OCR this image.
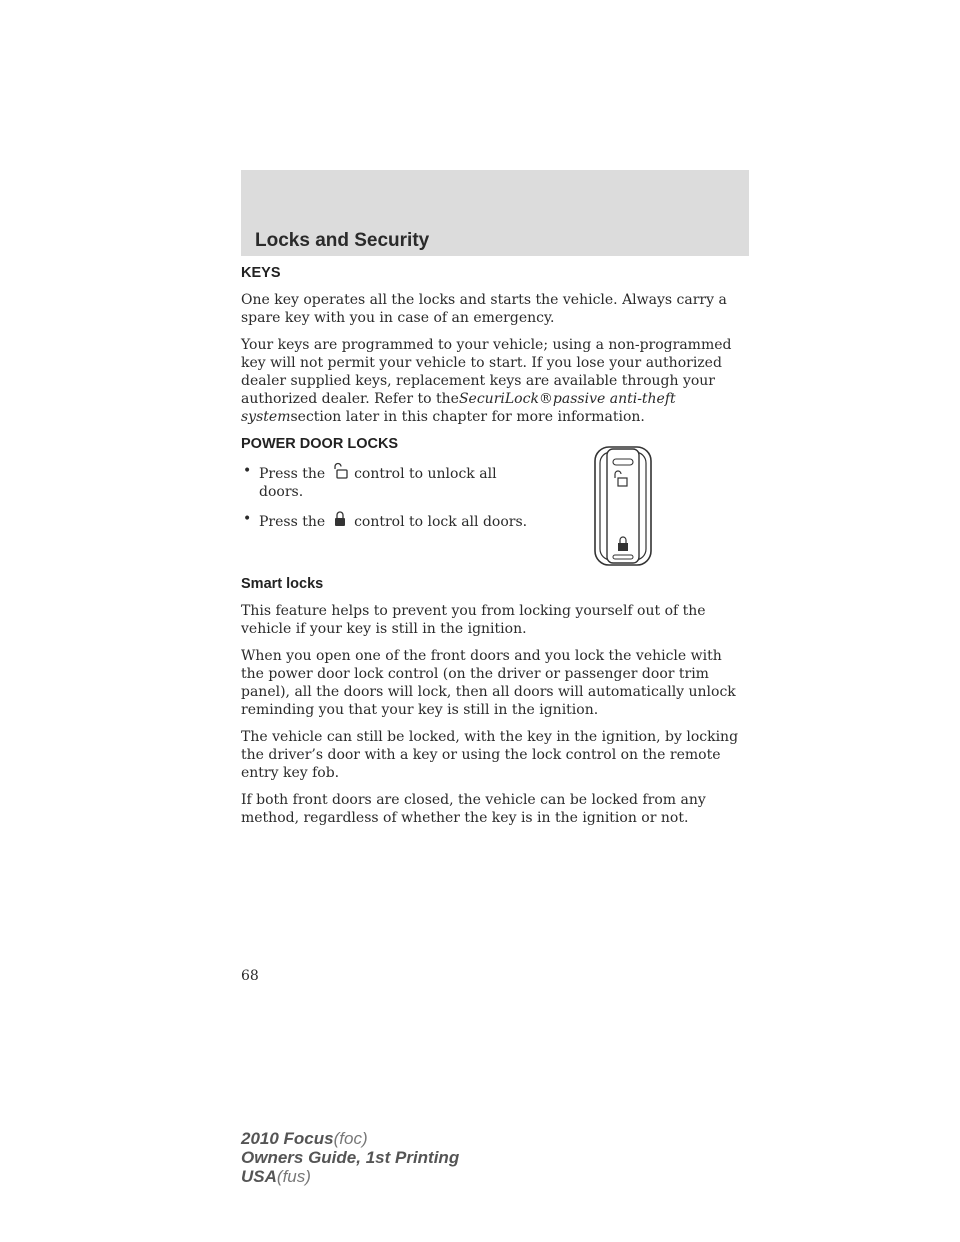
Locks and Security
KEYS

One key operates all the locks and starts the vehicle. Always carry a spare key with you in case of an emergency.

Your keys are programmed to your vehicle; using a non-programmed key will not permit your vehicle to start. If you lose your authorized dealer supplied keys, replacement keys are available through your authorized dealer. Refer to theSecuriLock®passive anti-theft systemsection later in this chapter for more information.

POWER DOOR LOCKS
• Press the control to unlock all doors.
• Press the control to lock all doors.
Smart locks

This feature helps to prevent you from locking yourself out of the vehicle if your key is still in the ignition.

When you open one of the front doors and you lock the vehicle with the power door lock control (on the driver or passenger door trim panel), all the doors will lock, then all doors will automatically unlock reminding you that your key is still in the ignition.

The vehicle can still be locked, with the key in the ignition, by locking the driver’s door with a key or using the lock control on the remote entry key fob.

If both front doors are closed, the vehicle can be locked from any method, regardless of whether the key is in the ignition or not.

68
2010 Focus(foc)
Owners Guide, 1st Printing
USA(fus)
